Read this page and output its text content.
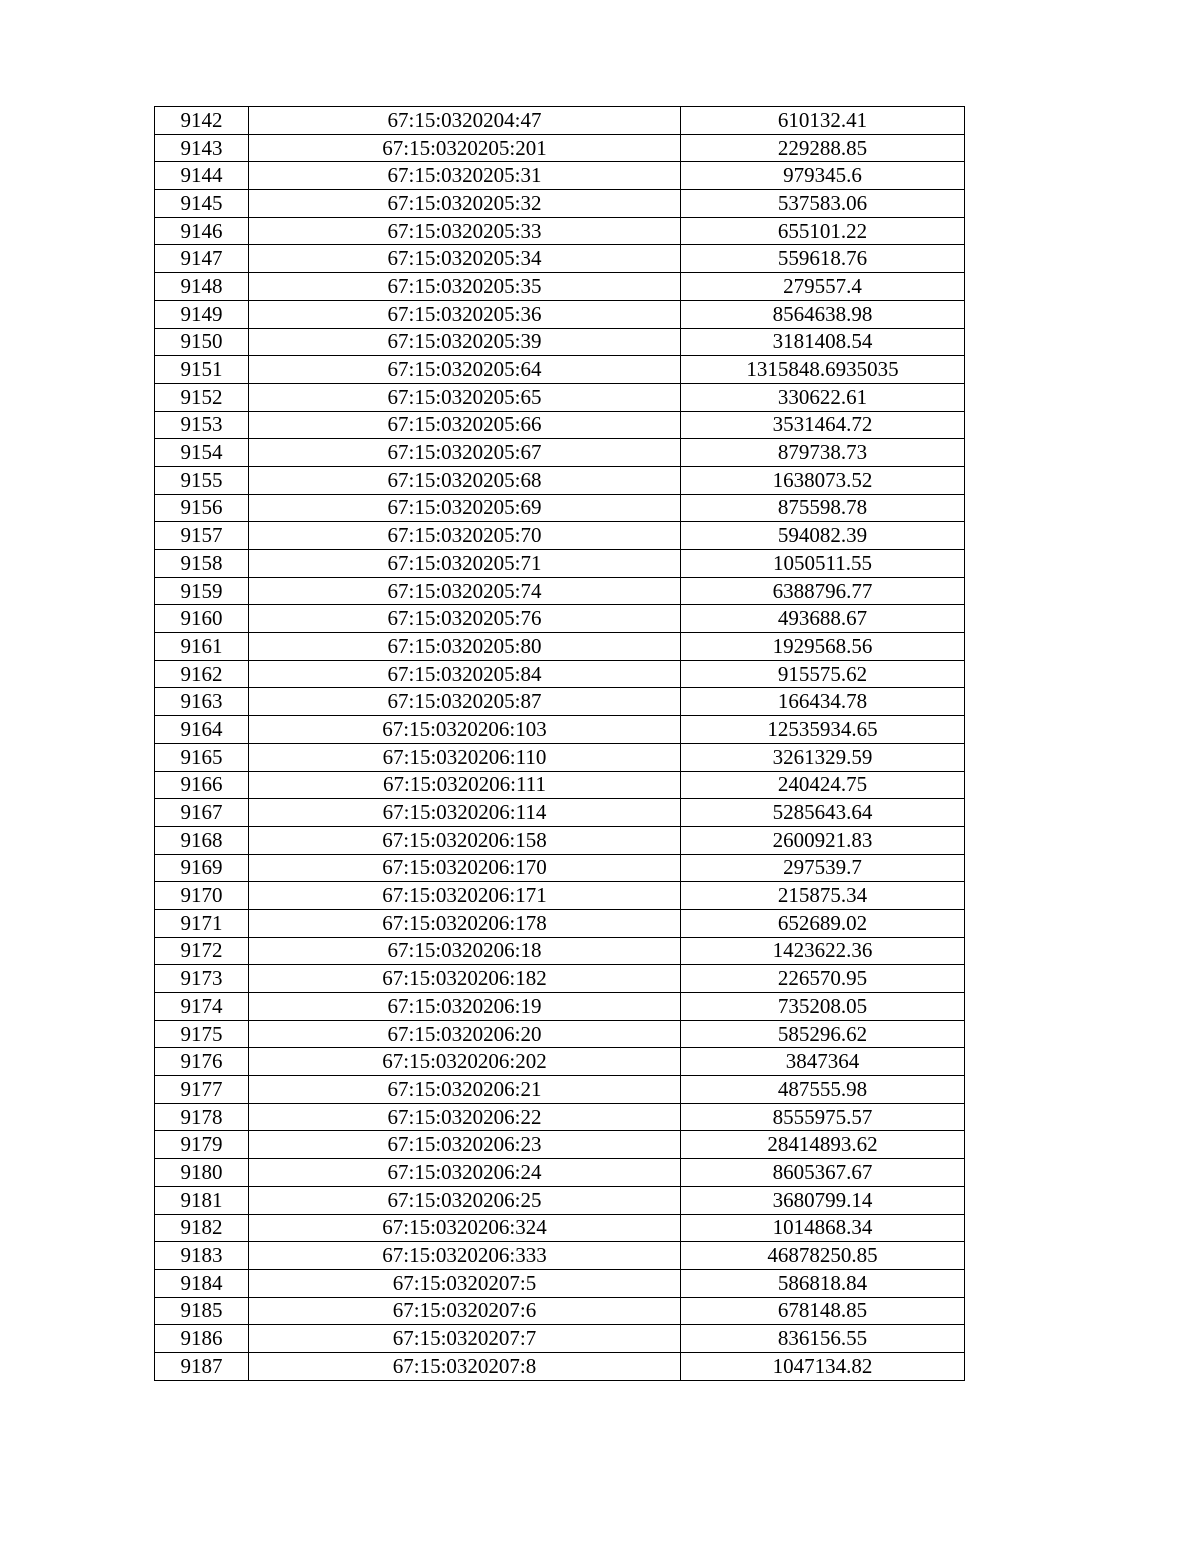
9142	67:15:0320204:47	610132.41
9143	67:15:0320205:201	229288.85
9144	67:15:0320205:31	979345.6
9145	67:15:0320205:32	537583.06
9146	67:15:0320205:33	655101.22
9147	67:15:0320205:34	559618.76
9148	67:15:0320205:35	279557.4
9149	67:15:0320205:36	8564638.98
9150	67:15:0320205:39	3181408.54
9151	67:15:0320205:64	1315848.6935035
9152	67:15:0320205:65	330622.61
9153	67:15:0320205:66	3531464.72
9154	67:15:0320205:67	879738.73
9155	67:15:0320205:68	1638073.52
9156	67:15:0320205:69	875598.78
9157	67:15:0320205:70	594082.39
9158	67:15:0320205:71	1050511.55
9159	67:15:0320205:74	6388796.77
9160	67:15:0320205:76	493688.67
9161	67:15:0320205:80	1929568.56
9162	67:15:0320205:84	915575.62
9163	67:15:0320205:87	166434.78
9164	67:15:0320206:103	12535934.65
9165	67:15:0320206:110	3261329.59
9166	67:15:0320206:111	240424.75
9167	67:15:0320206:114	5285643.64
9168	67:15:0320206:158	2600921.83
9169	67:15:0320206:170	297539.7
9170	67:15:0320206:171	215875.34
9171	67:15:0320206:178	652689.02
9172	67:15:0320206:18	1423622.36
9173	67:15:0320206:182	226570.95
9174	67:15:0320206:19	735208.05
9175	67:15:0320206:20	585296.62
9176	67:15:0320206:202	3847364
9177	67:15:0320206:21	487555.98
9178	67:15:0320206:22	8555975.57
9179	67:15:0320206:23	28414893.62
9180	67:15:0320206:24	8605367.67
9181	67:15:0320206:25	3680799.14
9182	67:15:0320206:324	1014868.34
9183	67:15:0320206:333	46878250.85
9184	67:15:0320207:5	586818.84
9185	67:15:0320207:6	678148.85
9186	67:15:0320207:7	836156.55
9187	67:15:0320207:8	1047134.82
